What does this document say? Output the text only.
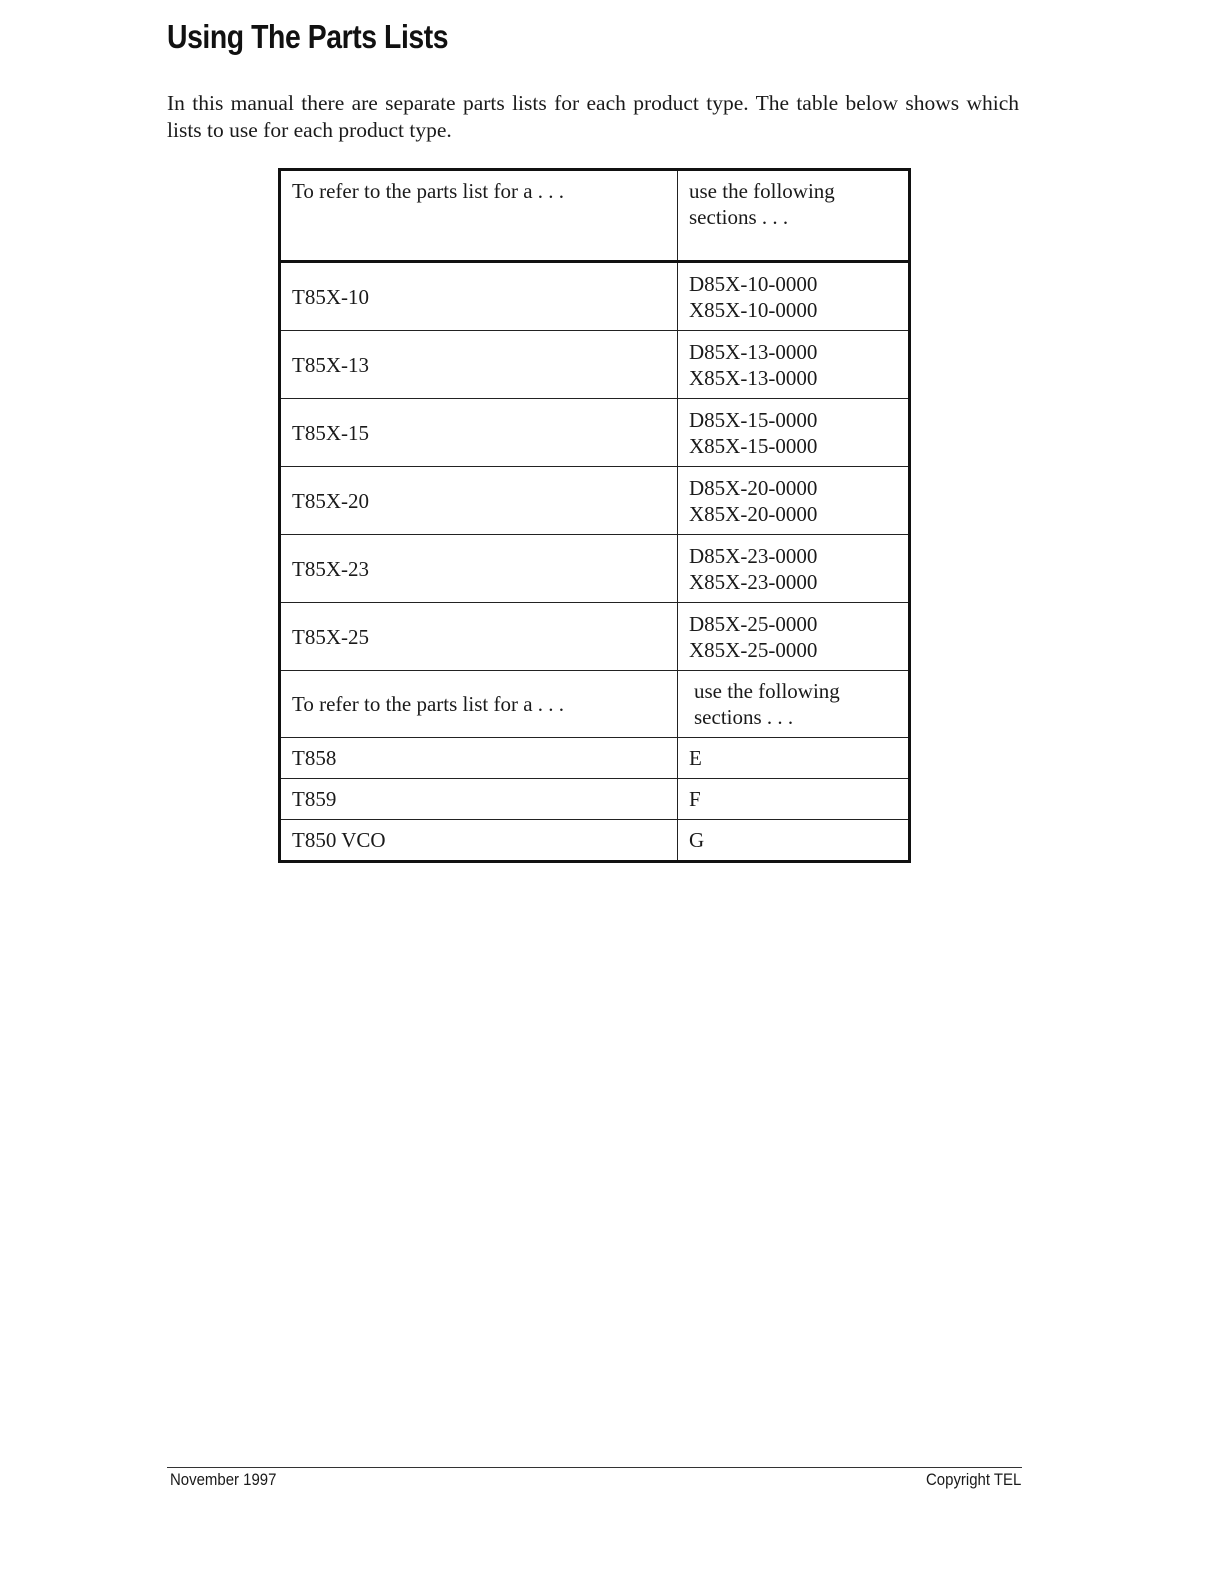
Using The Parts Lists

In this manual there are separate parts lists for each product type. The table below shows which lists to use for each product type.

To refer to the parts list for a . . .	use the following
sections . . .

T85X-10	D85X-10-0000
X85X-10-0000

T85X-13	D85X-13-0000
X85X-13-0000

T85X-15	D85X-15-0000
X85X-15-0000

T85X-20	D85X-20-0000
X85X-20-0000

T85X-23	D85X-23-0000
X85X-23-0000

T85X-25	D85X-25-0000
X85X-25-0000

To refer to the parts list for a . . .	use the following
sections . . .

T858	E
T859	F
T850 VCO	G
November 1997	Copyright TEL
